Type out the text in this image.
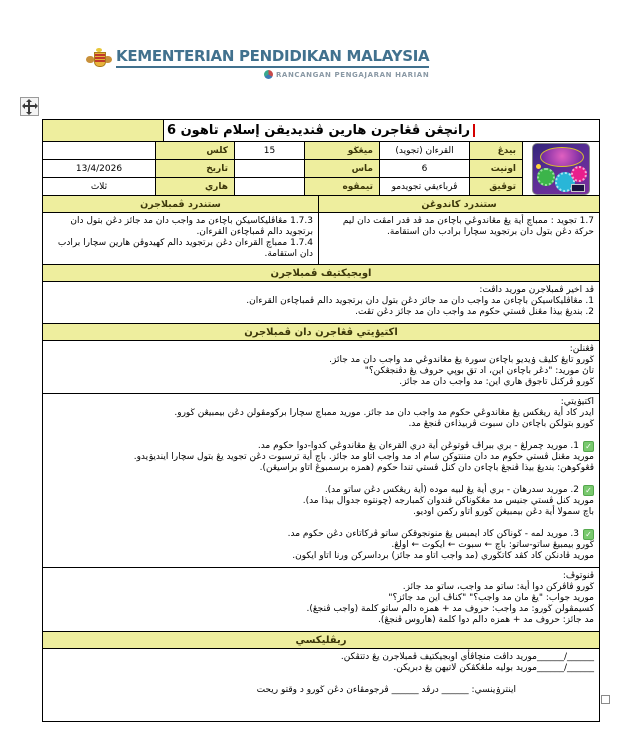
KEMENTERIAN PENDIDIKAN MALAYSIA
RANCANGAN PENGAJARAN HARIAN
رانچڠن ڤڠاجرن هارين ڤنديديقن إسلام تاهون 6
کلس	15	ميڠڬو	القرءان (تجويد)	بيدڠ
13/4/2026	تاريخ	ماس	6	اونيت
ثلاث	هاري	تيمڤوه	ڤرباءيقي تجويدمو	توڤيق
ستندرد ڤمبلاجرن	ستندرد کاندوڠن
1.7.3 مڠاڤليکاسيکن باچاءن مد واجب دان مد جائز دڠن بتول دان برتجويد دالم ڤمباچاءن القرءان.
1.7.4 ممباچ القرءان دڠن برتجويد دالم کهيدوڤن هارين سچارا برادب دان استقامة.
1.7 تجويد : ممباچ أية يڠ مڠاندوڠي باچاءن مد ڤد قدر امڤت دان ليم حرکة دڠن بتول دان برتجويد سچارا برادب دان استقامة.
اوبجيکتيف ڤمبلاجرن
ڤد اخير ڤمبلاجرن موريد داڤت:
1. مڠاڤليکاسيکن باچاءن مد واجب دان مد جائز دڠن بتول دان برتجويد دالم ڤمباچاءن القرءان.
2. بنديڠ بيذا مڠنل ڤستي حکوم مد واجب دان مد جائز دڠن تڤت.
اکتيۏيتي ڤڠاجرن دان ڤمبلاجرن
ڤڠنلن:
ڬورو تايڠ کليڤ ۏيديو باچاءن سورة يڠ مڠاندوڠي مد واجب دان مد جائز.
تاڽ موريد: "دڠر باچاءن اين، اد تق بوڽي حروف يڠ دڤنجڠکن؟"
ڬورو ڤرکنل تاجوق هاري اين: مد واجب دان مد جائز.
اکتيۏيتي:
ايدر کاد أية ريڠکس يڠ مڠاندوڠي حکوم مد واجب دان مد جائز. موريد ممباچ سچارا برکومڤولن دڠن بيمبيڠن ڬورو.
ڬورو بتولکن باچاءن دان سبوت ڤربيذاءن ڤنجڠ مد.
✓1. موريد چمرلڠ - بري ببراڤ ڤوتوڠن أية دري القرءان يڠ مڠاندوڠي کدوا-دوا حکوم مد.
موريد مڠنل ڤستي حکوم مد دان مننتوکن سام اد مد واجب اتاو مد جائز. باچ أية ترسبوت دڠن تجويد يڠ بتول سچارا اينديۏيدو.
ڤڠوکوهن: بنديڠ بيذا ڤنجڠ باچاءن دان کنل ڤستي تندا حکوم (همزه برسمبوڠ اتاو براسيڠن).
✓2. موريد سدرهان - بري أية يڠ لبيه موده (أية ريڠکس دڠن ساتو مد).
موريد کنل ڤستي جنيس مد مڠڬوناکن ڤندوان ڬمبارجه (چونتوه جدوال بيذا مد).
باچ سمولا أية دڠن بيمبيڠن ڬورو اتاو رکمن اوديو.
✓3. موريد لمه - ڬوناکن کاد ايمبس يڠ منونجوقکن ساتو ڤرکاتاءن دڠن حکوم مد.
ڬورو بيمبيڠ ساتو-ساتو: باچ ← سبوت ← ايکوت ← اولڠ.
موريد ڤادنکن کاد کڤد کاتڬوري (مد واجب اتاو مد جائز) برداسرکن ورنا اتاو ايکون.
ڤنوتوڤ:
ڬورو ڤاڤرکن دوا أية: ساتو مد واجب، ساتو مد جائز.
موريد جواب: "يڠ مان مد واجب؟" "کناڤ اين مد جائز؟"
کسيمڤولن ڬورو: مد واجب: حروف مد + همزه دالم ساتو کلمة (واجب ڤنجڠ).
مد جائز: حروف مد + همزه دالم دوا کلمة (هاروس ڤنجڠ).
ريڤليکسي
______/______موريد داڤت منچاڤأي اوبجيکتيف ڤمبلاجرن يڠ دتتڤکن.
______/______موريد بوليه ملڠکڤکن لاتيهن يڠ دبريکن.
اينترۏينسي: ______ درڤد ______ ڤرجومڤاءن دڠن ڬورو د وقتو ريحت
